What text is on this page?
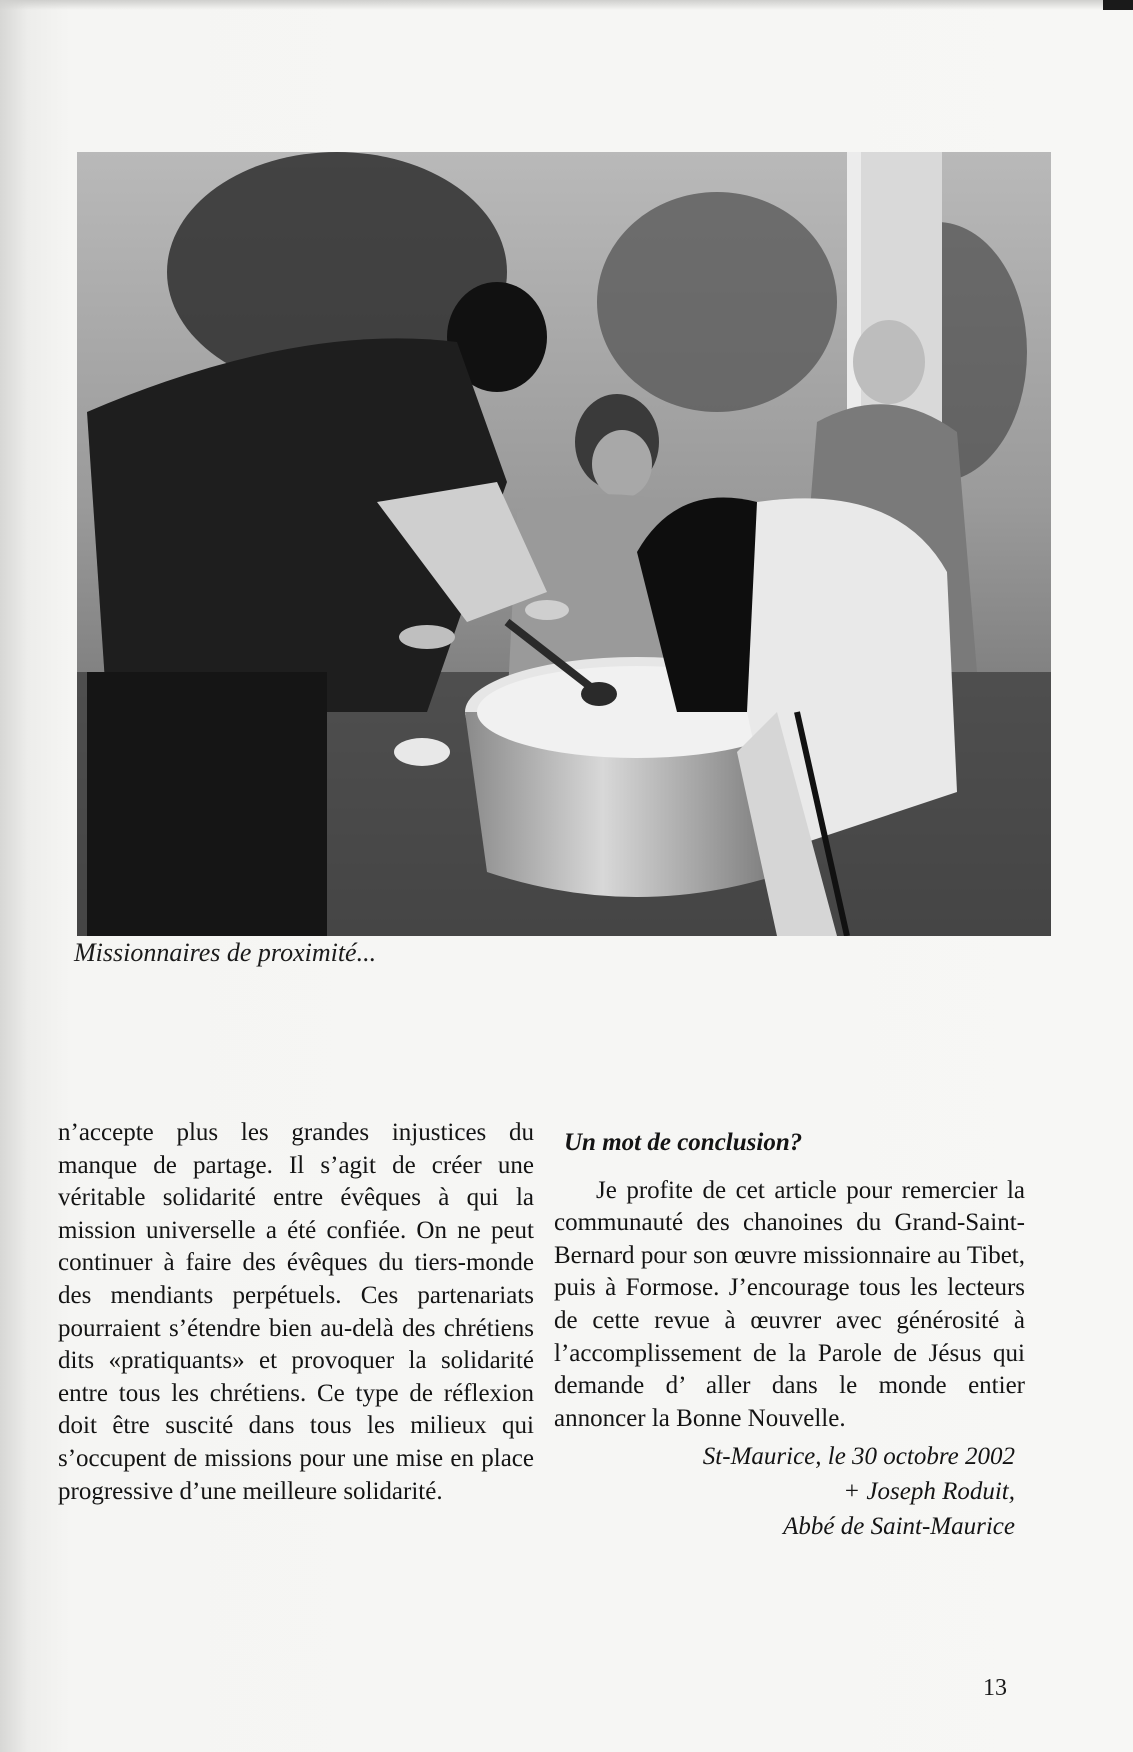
Missionnaires de proximité...

n’accepte plus les grandes injustices du manque de partage. Il s’agit de créer une véritable solidarité entre évêques à qui la mission universelle a été confiée. On ne peut continuer à faire des évêques du tiers-monde des mendiants perpétuels. Ces partenariats pourraient s’étendre bien au-delà des chrétiens dits «pratiquants» et provoquer la solidarité entre tous les chrétiens. Ce type de réflexion doit être suscité dans tous les milieux qui s’occupent de missions pour une mise en place progressive d’une meilleure solidarité.

Un mot de conclusion?

Je profite de cet article pour remercier la communauté des chanoines du Grand-Saint-Bernard pour son œuvre missionnaire au Tibet, puis à Formose. J’encourage tous les lecteurs de cette revue à œuvrer avec générosité à l’accomplissement de la Parole de Jésus qui demande d’ aller dans le monde entier annoncer la Bonne Nouvelle.

St-Maurice, le 30 octobre 2002
+ Joseph Roduit,
Abbé de Saint-Maurice
13
